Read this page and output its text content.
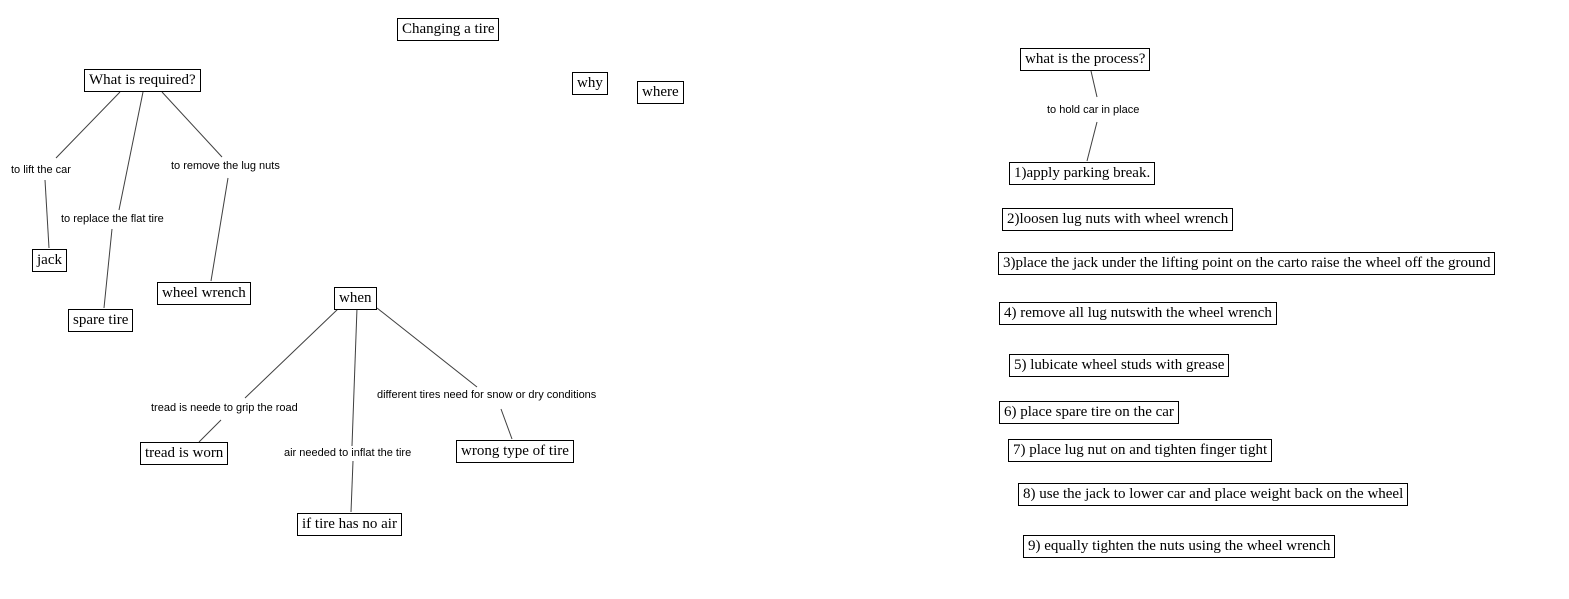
Changing a tire
What is required?	why
where
jack
spare tire
wheel wrench	when
tread is worn
if tire has no air
wrong type of tire
what is the process?
to lift the car
to replace the flat tire
to remove the lug nuts
tread is neede to grip the road
air needed to inflat the tire
different tires need for snow or dry conditions
to hold car in place
1)apply parking break.
2)loosen lug nuts with wheel wrench
3)place the jack under the lifting point on the carto raise the wheel off the ground
4) remove all lug nutswith the wheel wrench
5) lubicate wheel studs with grease
6) place spare tire on the car
7) place lug nut on and tighten finger tight
8) use the jack to lower car and place weight back on the wheel
9) equally tighten the nuts using the wheel wrench
